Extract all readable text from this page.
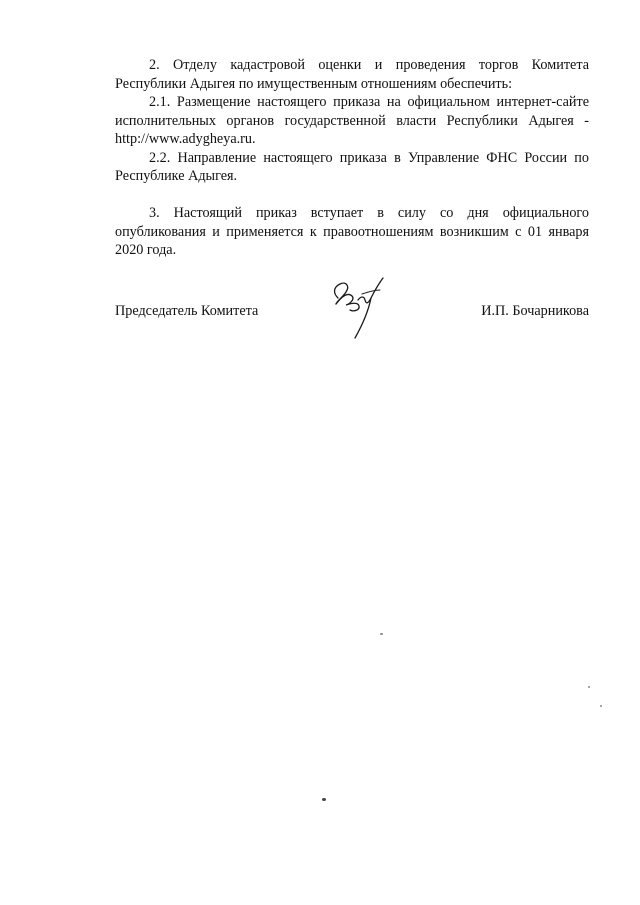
2. Отделу кадастровой оценки и проведения торгов Комитета Республики Адыгея по имущественным отношениям обеспечить:

2.1. Размещение настоящего приказа на официальном интернет-сайте исполнительных органов государственной власти Республики Адыгея - http://www.adygheya.ru.

2.2. Направление настоящего приказа в Управление ФНС России по Республике Адыгея.

3. Настоящий приказ вступает в силу со дня официального опубликования и применяется к правоотношениям возникшим с 01 января 2020 года.

Председатель Комитета	И.П. Бочарникова
